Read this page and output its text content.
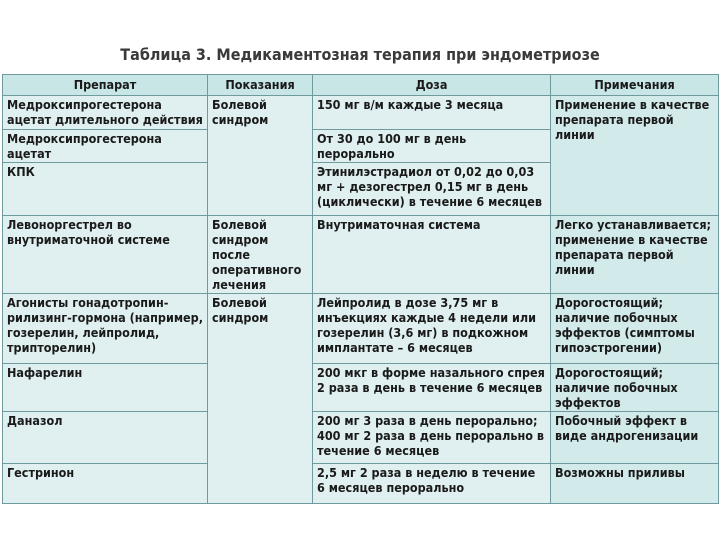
Таблица 3. Медикаментозная терапия при эндометриозе
Препарат	Показания	Доза	Примечания
Медроксипрогестерона ацетат длительного действия	Болевой синдром	150 мг в/м каждые 3 месяца	Применение в качестве препарата первой линии
Медроксипрогестерона ацетат		От 30 до 100 мг в день перорально	
КПК		Этинилэстрадиол от 0,02 до 0,03 мг + дезогестрел 0,15 мг в день (циклически) в течение 6 месяцев	
Левоноргестрел во внутриматочной системе	Болевой синдром после оперативного лечения	Внутриматочная система	Легко устанавливается; применение в качестве препарата первой линии
Агонисты гонадотропин-рилизинг-гормона (например, гозерелин, лейпролид, трипторелин)	Болевой синдром	Лейпролид в дозе 3,75 мг в инъекциях каждые 4 недели или гозерелин (3,6 мг) в подкожном имплантате – 6 месяцев	Дорогостоящий; наличие побочных эффектов (симптомы гипоэстрогении)
Нафарелин		200 мкг в форме назального спрея 2 раза в день в течение 6 месяцев	Дорогостоящий; наличие побочных эффектов
Даназол		200 мг 3 раза в день перорально; 400 мг 2 раза в день перорально в течение 6 месяцев	Побочный эффект в виде андрогенизации
Гестринон		2,5 мг 2 раза в неделю в течение 6 месяцев перорально	Возможны приливы
